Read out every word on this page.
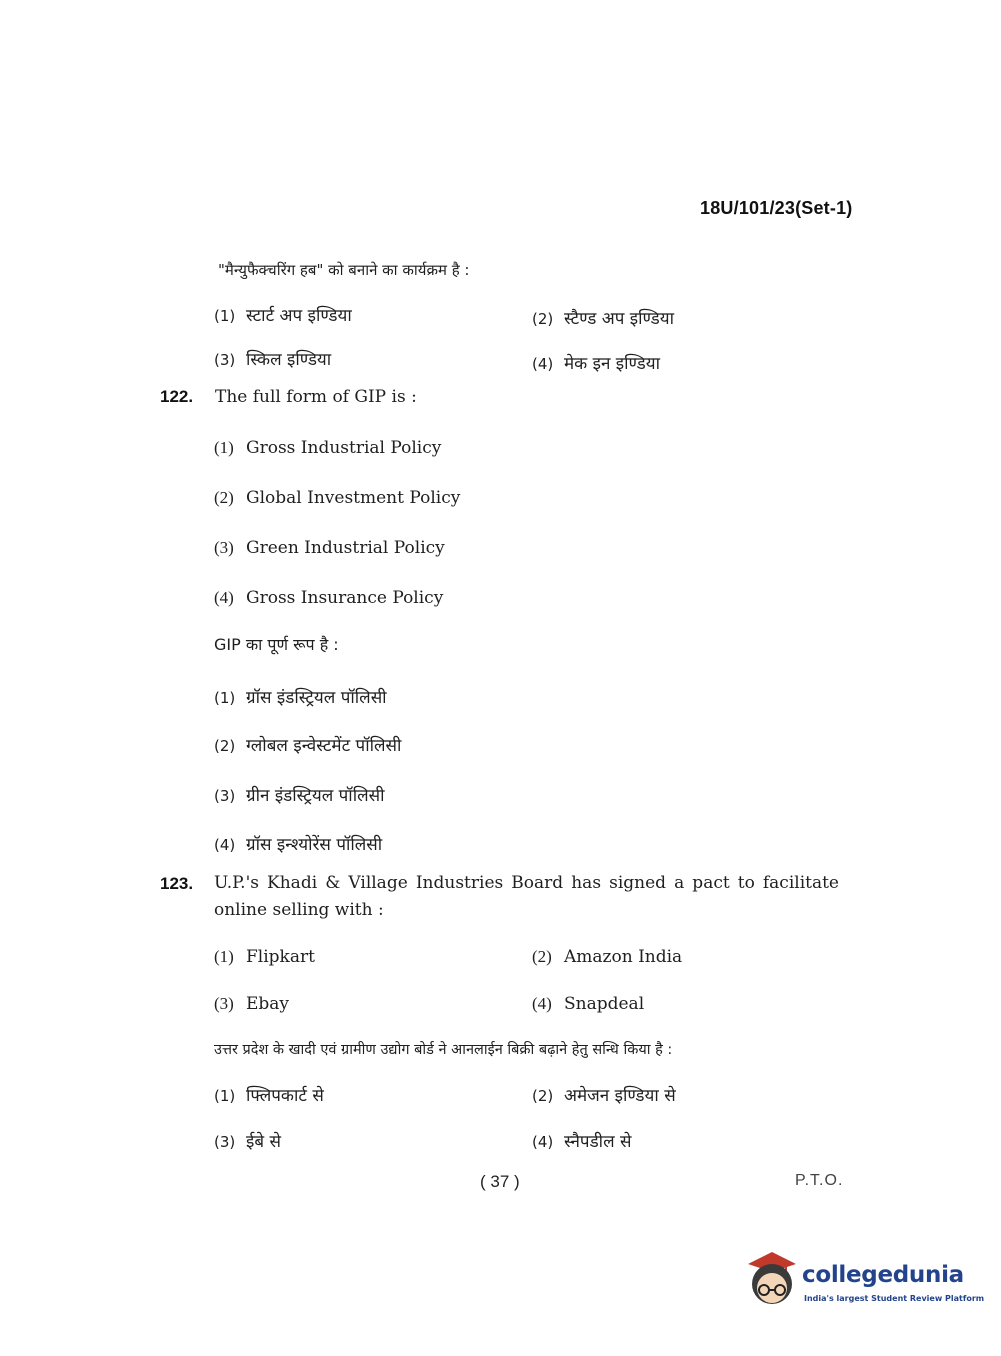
18U/101/23(Set-1)
"मैन्युफैक्चरिंग हब" को बनाने का कार्यक्रम है :
(1) स्टार्ट अप इण्डिया	(2) स्टैण्ड अप इण्डिया
(3) स्किल इण्डिया	(4) मेक इन इण्डिया
122. The full form of GIP is :
(1) Gross Industrial Policy
(2) Global Investment Policy
(3) Green Industrial Policy
(4) Gross Insurance Policy
GIP का पूर्ण रूप है :
(1) ग्रॉस इंडस्ट्रियल पॉलिसी
(2) ग्लोबल इन्वेस्टमेंट पॉलिसी
(3) ग्रीन इंडस्ट्रियल पॉलिसी
(4) ग्रॉस इन्श्योरेंस पॉलिसी
123. U.P.'s Khadi & Village Industries Board has signed a pact to facilitate online selling with :
(1) Flipkart	(2) Amazon India
(3) Ebay	(4) Snapdeal
उत्तर प्रदेश के खादी एवं ग्रामीण उद्योग बोर्ड ने आनलाईन बिक्री बढ़ाने हेतु सन्धि किया है :
(1) फ्लिपकार्ट से	(2) अमेजन इण्डिया से
(3) ईबे से	(4) स्नैपडील से
( 37 )	P.T.O.
collegedunia
India's largest Student Review Platform
